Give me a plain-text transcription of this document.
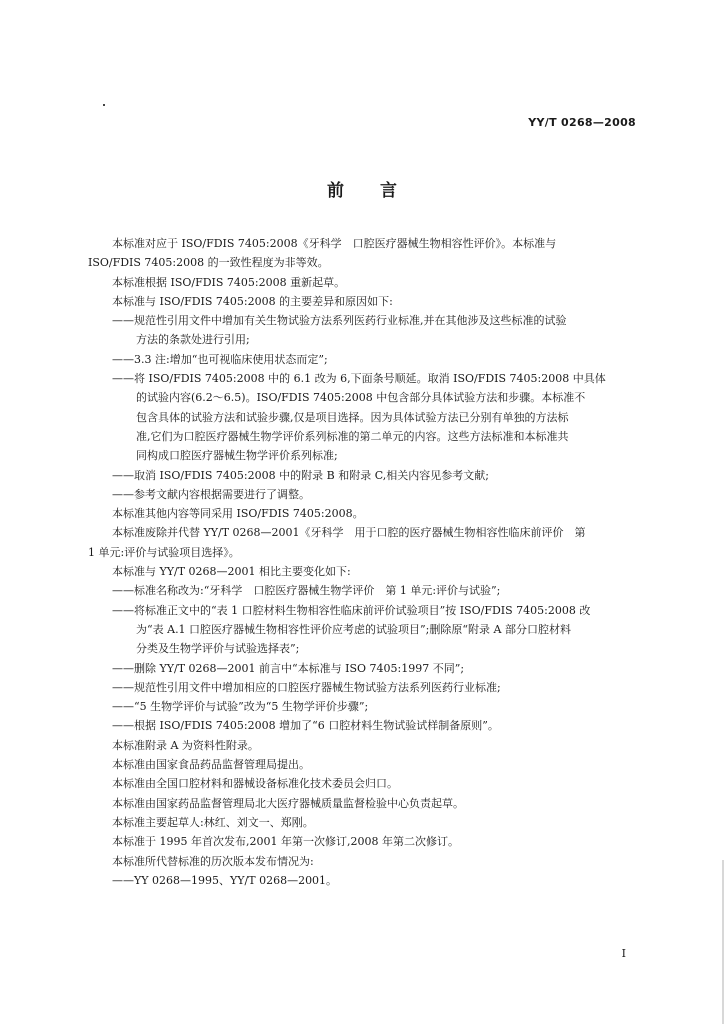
YY/T 0268—2008
前 言
本标准对应于 ISO/FDIS 7405:2008《牙科学　口腔医疗器械生物相容性评价》。本标准与
ISO/FDIS 7405:2008 的一致性程度为非等效。
本标准根据 ISO/FDIS 7405:2008 重新起草。
本标准与 ISO/FDIS 7405:2008 的主要差异和原因如下:
——规范性引用文件中增加有关生物试验方法系列医药行业标准,并在其他涉及这些标准的试验
方法的条款处进行引用;
——3.3 注:增加“也可视临床使用状态而定”;
——将 ISO/FDIS 7405:2008 中的 6.1 改为 6,下面条号顺延。取消 ISO/FDIS 7405:2008 中具体
的试验内容(6.2～6.5)。ISO/FDIS 7405:2008 中包含部分具体试验方法和步骤。本标准不
包含具体的试验方法和试验步骤,仅是项目选择。因为具体试验方法已分别有单独的方法标
准,它们为口腔医疗器械生物学评价系列标准的第二单元的内容。这些方法标准和本标准共
同构成口腔医疗器械生物学评价系列标准;
——取消 ISO/FDIS 7405:2008 中的附录 B 和附录 C,相关内容见参考文献;
——参考文献内容根据需要进行了调整。
本标准其他内容等同采用 ISO/FDIS 7405:2008。
本标准废除并代替 YY/T 0268—2001《牙科学　用于口腔的医疗器械生物相容性临床前评价　第
1 单元:评价与试验项目选择》。
本标准与 YY/T 0268—2001 相比主要变化如下:
——标准名称改为:“牙科学　口腔医疗器械生物学评价　第 1 单元:评价与试验”;
——将标准正文中的“表 1 口腔材料生物相容性临床前评价试验项目”按 ISO/FDIS 7405:2008 改
为“表 A.1 口腔医疗器械生物相容性评价应考虑的试验项目”;删除原“附录 A 部分口腔材料
分类及生物学评价与试验选择表”;
——删除 YY/T 0268—2001 前言中“本标准与 ISO 7405:1997 不同”;
——规范性引用文件中增加相应的口腔医疗器械生物试验方法系列医药行业标准;
——“5 生物学评价与试验”改为“5 生物学评价步骤”;
——根据 ISO/FDIS 7405:2008 增加了“6 口腔材料生物试验试样制备原则”。
本标准附录 A 为资料性附录。
本标准由国家食品药品监督管理局提出。
本标准由全国口腔材料和器械设备标准化技术委员会归口。
本标准由国家药品监督管理局北大医疗器械质量监督检验中心负责起草。
本标准主要起草人:林红、刘文一、郑刚。
本标准于 1995 年首次发布,2001 年第一次修订,2008 年第二次修订。
本标准所代替标准的历次版本发布情况为:
——YY 0268—1995、YY/T 0268—2001。
I
